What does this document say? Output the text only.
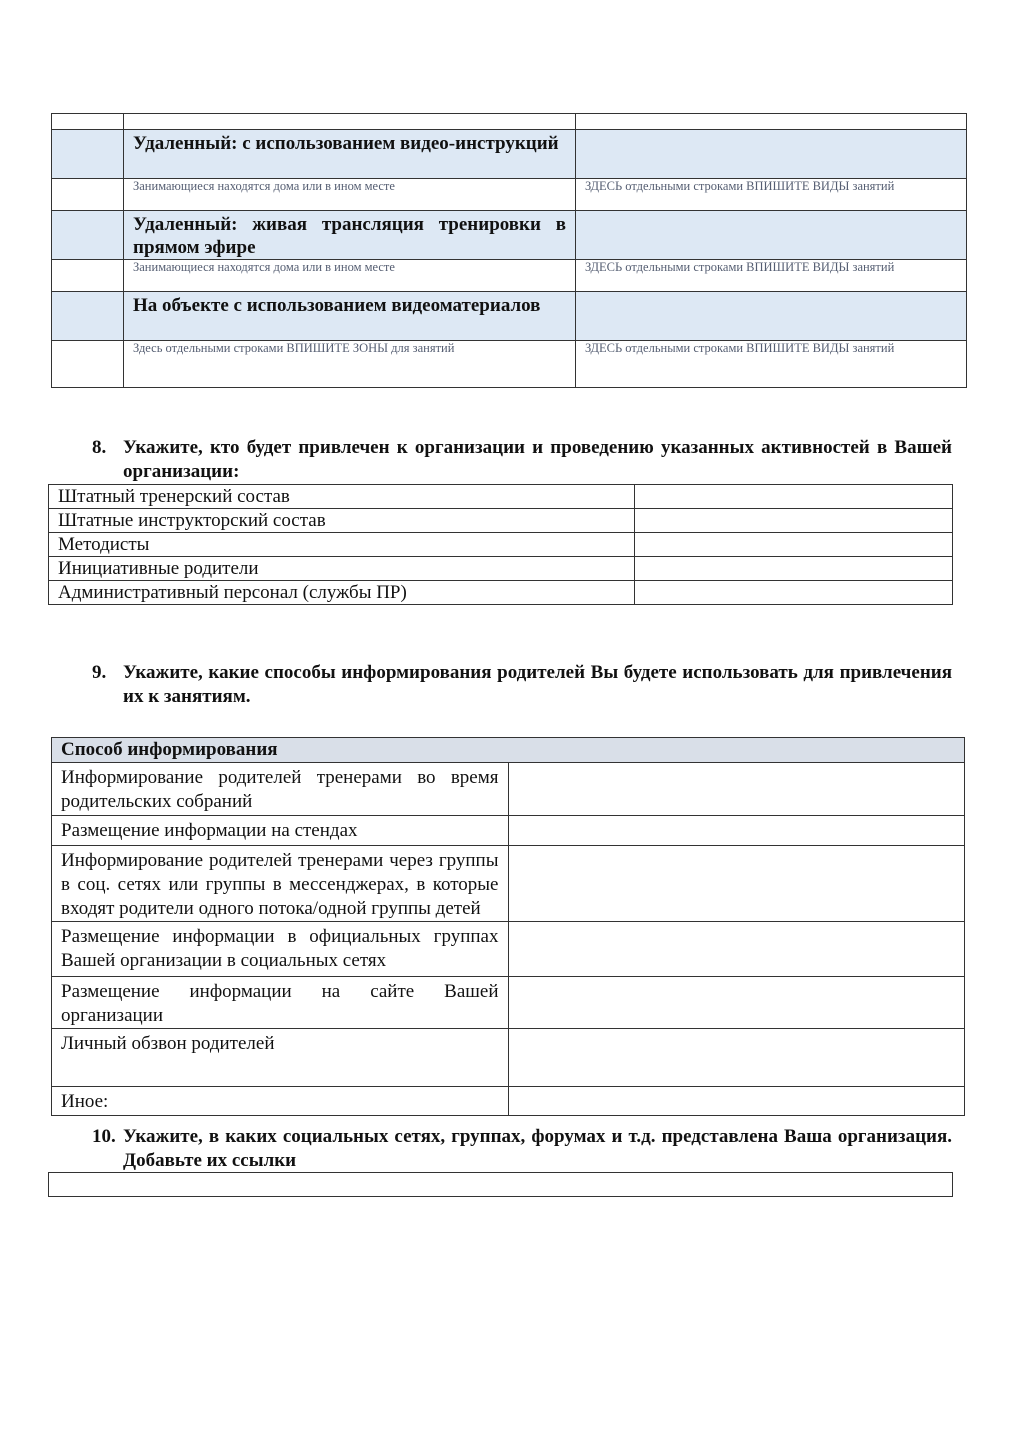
	Удаленный: с использованием видео-инструкций	
	Занимающиеся находятся дома или в ином месте	ЗДЕСЬ отдельными строками ВПИШИТЕ ВИДЫ занятий
	Удаленный: живая трансляция тренировки в прямом эфире	
	Занимающиеся находятся дома или в ином месте	ЗДЕСЬ отдельными строками ВПИШИТЕ ВИДЫ занятий
	На объекте с использованием видеоматериалов	
	Здесь отдельными строками ВПИШИТЕ ЗОНЫ для занятий	ЗДЕСЬ отдельными строками ВПИШИТЕ ВИДЫ занятий
8. Укажите, кто будет привлечен к организации и проведению указанных активностей в Вашей организации:
Штатный тренерский состав	
Штатные инструкторский состав	
Методисты	
Инициативные родители	
Административный персонал (службы ПР)	
9. Укажите, какие способы информирования родителей Вы будете использовать для привлечения их к занятиям.
Способ информирования	
Информирование родителей тренерами во время родительских собраний	
Размещение информации на стендах	
Информирование родителей тренерами через группы в соц. сетях или группы в мессенджерах, в которые входят родители одного потока/одной группы детей	
Размещение информации в официальных группах Вашей организации в социальных сетях	
Размещение информации на сайте Вашей организации	
Личный обзвон родителей	
Иное:	
10. Укажите, в каких социальных сетях, группах, форумах и т.д. представлена Ваша организация. Добавьте их ссылки
